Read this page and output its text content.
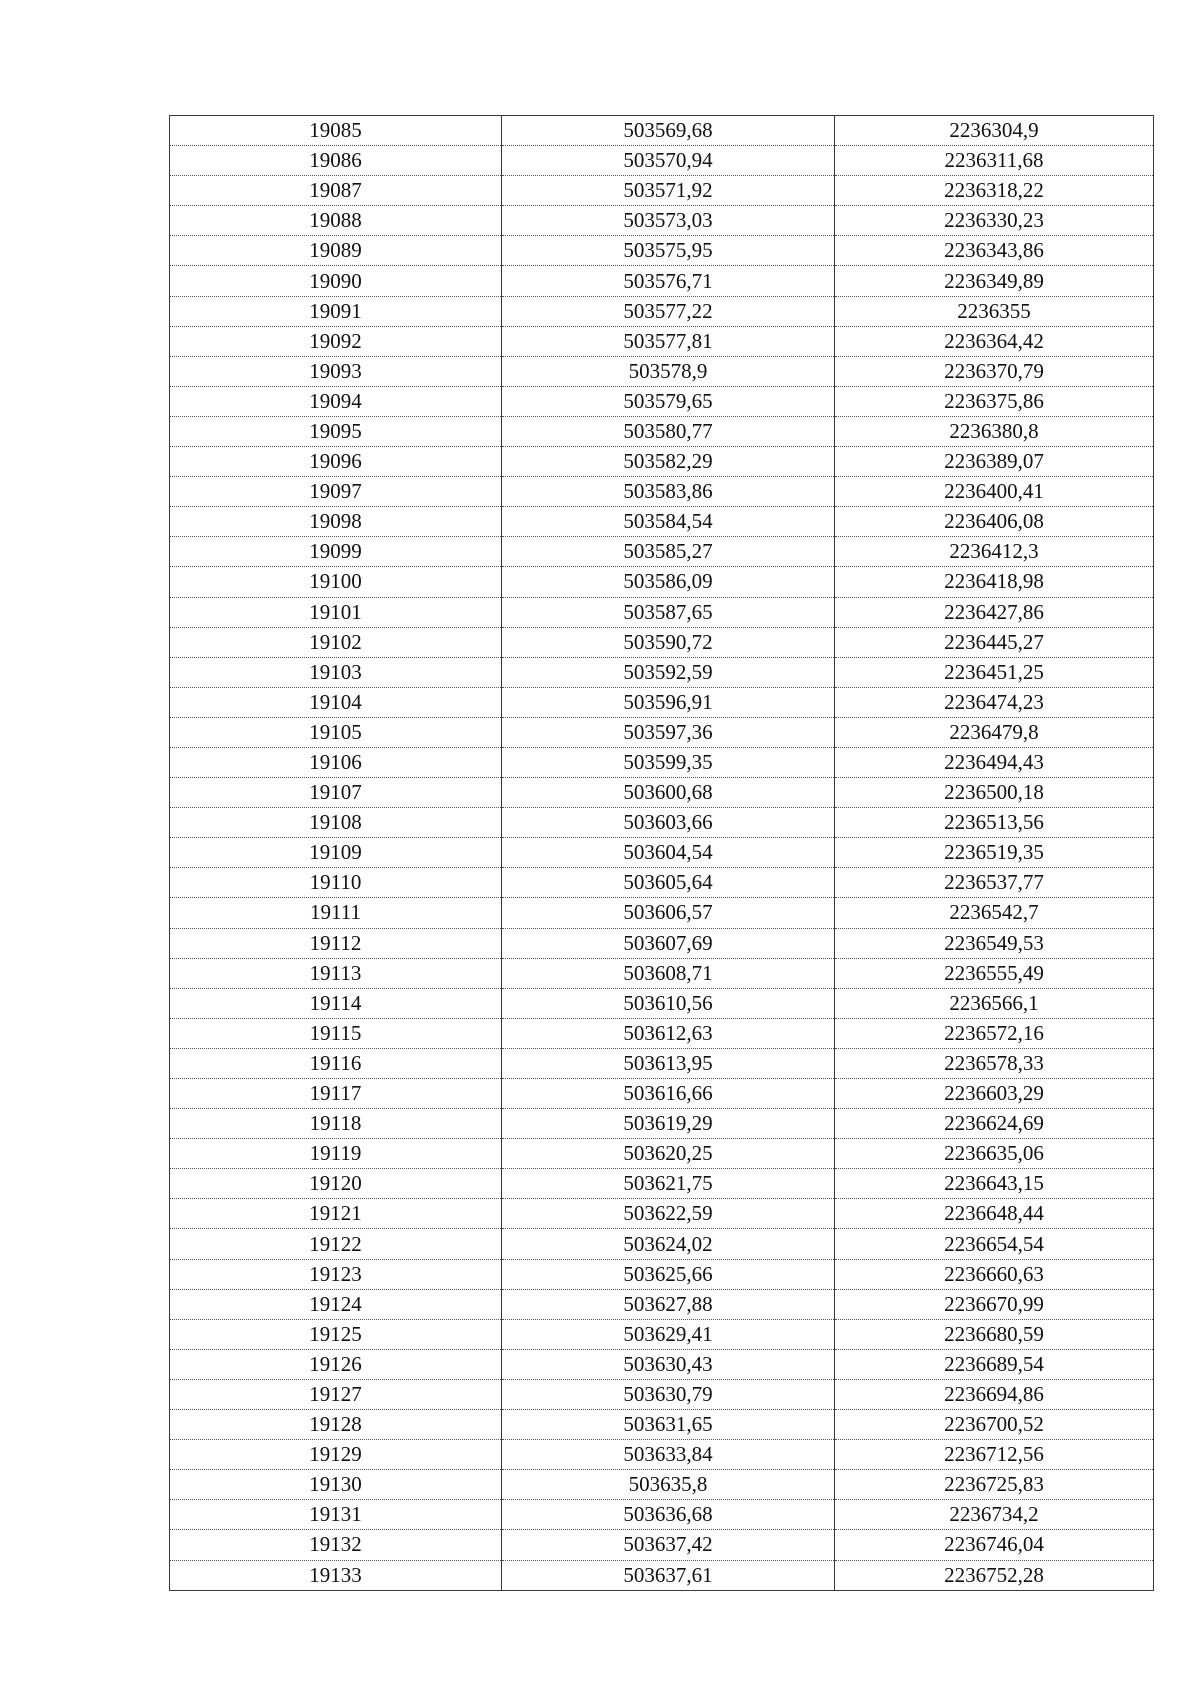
19085	503569,68	2236304,9
19086	503570,94	2236311,68
19087	503571,92	2236318,22
19088	503573,03	2236330,23
19089	503575,95	2236343,86
19090	503576,71	2236349,89
19091	503577,22	2236355
19092	503577,81	2236364,42
19093	503578,9	2236370,79
19094	503579,65	2236375,86
19095	503580,77	2236380,8
19096	503582,29	2236389,07
19097	503583,86	2236400,41
19098	503584,54	2236406,08
19099	503585,27	2236412,3
19100	503586,09	2236418,98
19101	503587,65	2236427,86
19102	503590,72	2236445,27
19103	503592,59	2236451,25
19104	503596,91	2236474,23
19105	503597,36	2236479,8
19106	503599,35	2236494,43
19107	503600,68	2236500,18
19108	503603,66	2236513,56
19109	503604,54	2236519,35
19110	503605,64	2236537,77
19111	503606,57	2236542,7
19112	503607,69	2236549,53
19113	503608,71	2236555,49
19114	503610,56	2236566,1
19115	503612,63	2236572,16
19116	503613,95	2236578,33
19117	503616,66	2236603,29
19118	503619,29	2236624,69
19119	503620,25	2236635,06
19120	503621,75	2236643,15
19121	503622,59	2236648,44
19122	503624,02	2236654,54
19123	503625,66	2236660,63
19124	503627,88	2236670,99
19125	503629,41	2236680,59
19126	503630,43	2236689,54
19127	503630,79	2236694,86
19128	503631,65	2236700,52
19129	503633,84	2236712,56
19130	503635,8	2236725,83
19131	503636,68	2236734,2
19132	503637,42	2236746,04
19133	503637,61	2236752,28
